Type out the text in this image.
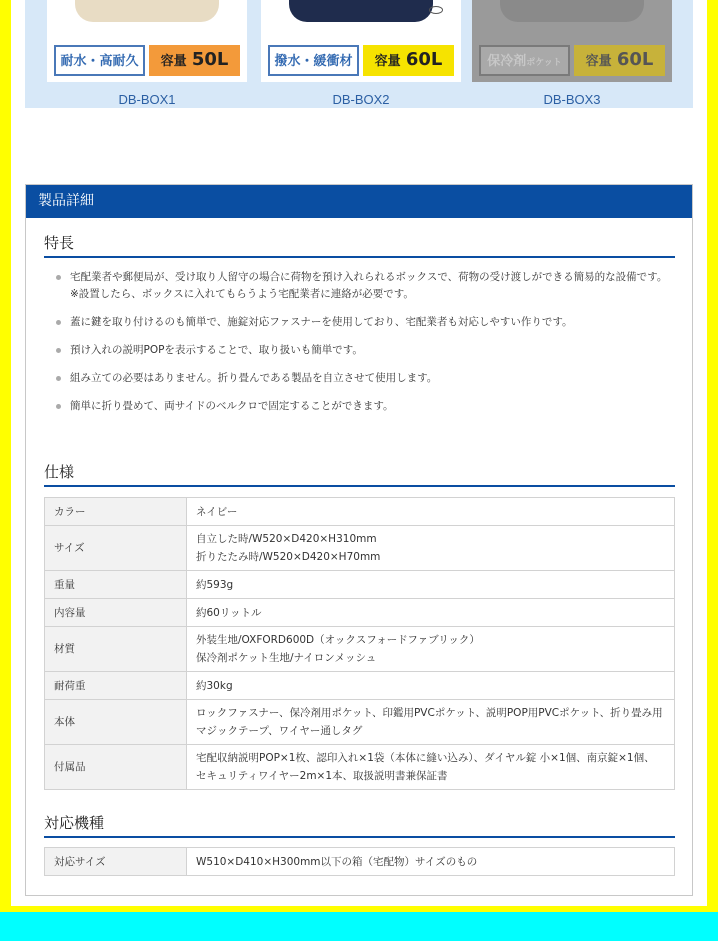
耐水・高耐久	容量 50L
DB-BOX1
撥水・緩衝材	容量 60L
DB-BOX2
保冷剤ポケット	容量 60L
DB-BOX3
製品詳細
特長
宅配業者や郵便局が、受け取り人留守の場合に荷物を預け入れられるボックスで、荷物の受け渡しができる簡易的な設備です。
※設置したら、ボックスに入れてもらうよう宅配業者に連絡が必要です。
蓋に鍵を取り付けるのも簡単で、施錠対応ファスナーを使用しており、宅配業者も対応しやすい作りです。
預け入れの説明POPを表示することで、取り扱いも簡単です。
組み立ての必要はありません。折り畳んである製品を自立させて使用します。
簡単に折り畳めて、両サイドのベルクロで固定することができます。
仕様
カラー	ネイビー
サイズ	自立した時/W520×D420×H310mm
折りたたみ時/W520×D420×H70mm
重量	約593g
内容量	約60リットル
材質	外装生地/OXFORD600D（オックスフォードファブリック）
保冷剤ポケット生地/ナイロンメッシュ
耐荷重	約30kg
本体	ロックファスナー、保冷剤用ポケット、印鑑用PVCポケット、説明POP用PVCポケット、折り畳み用マジックテープ、ワイヤー通しタグ
付属品	宅配収納説明POP×1枚、認印入れ×1袋（本体に縫い込み）、ダイヤル錠 小×1個、南京錠×1個、セキュリティワイヤー2m×1本、取扱説明書兼保証書
対応機種
対応サイズ	W510×D410×H300mm以下の箱（宅配物）サイズのもの
